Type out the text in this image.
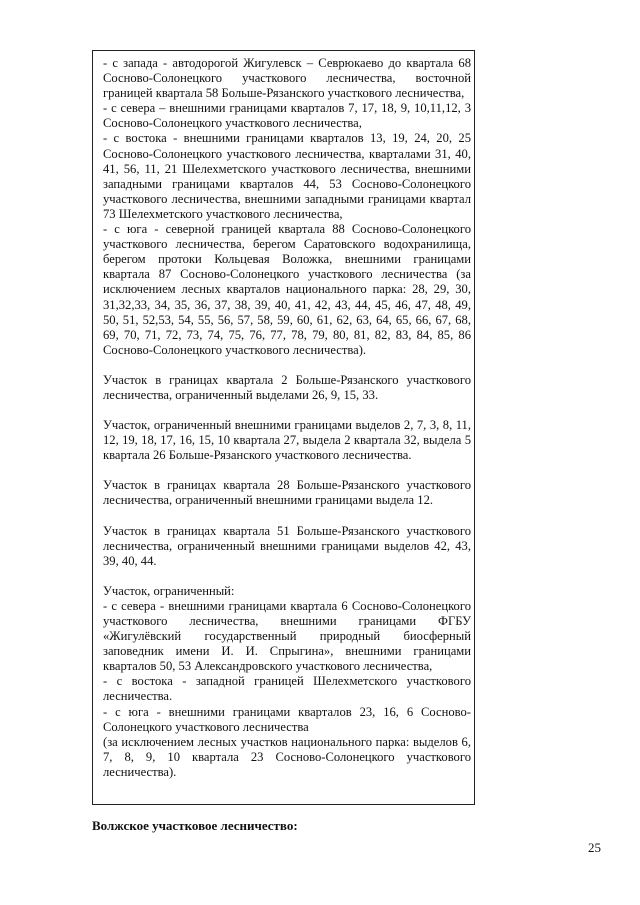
- с запада - автодорогой Жигулевск – Севрюкаево до квартала 68 Сосново-Солонецкого участкового лесничества, восточной границей квартала 58 Больше-Рязанского участкового лесничества,

- с севера – внешними границами кварталов 7, 17, 18, 9, 10,11,12, 3 Сосново-Солонецкого участкового лесничества,

- с востока - внешними границами кварталов 13, 19, 24, 20, 25 Сосново-Солонецкого участкового лесничества, кварталами 31, 40, 41, 56, 11, 21 Шелехметского участкового лесничества, внешними западными границами кварталов 44, 53 Сосново-Солонецкого участкового лесничества, внешними западными границами квартал 73 Шелехметского участкового лесничества,

- с юга - северной границей квартала 88 Сосново-Солонецкого участкового лесничества, берегом Саратовского водохранилища, берегом протоки Кольцевая Воложка, внешними границами квартала 87 Сосново-Солонецкого участкового лесничества (за исключением лесных кварталов национального парка: 28, 29, 30, 31,32,33, 34, 35, 36, 37, 38, 39, 40, 41, 42, 43, 44, 45, 46, 47, 48, 49, 50, 51, 52,53, 54, 55, 56, 57, 58, 59, 60, 61, 62, 63, 64, 65, 66, 67, 68, 69, 70, 71, 72, 73, 74, 75, 76, 77, 78, 79, 80, 81, 82, 83, 84, 85, 86 Сосново-Солонецкого участкового лесничества).

Участок в границах квартала 2 Больше-Рязанского участкового лесничества, ограниченный выделами 26, 9, 15, 33.

Участок, ограниченный внешними границами выделов 2, 7, 3, 8, 11, 12, 19, 18, 17, 16, 15, 10 квартала 27, выдела 2 квартала 32, выдела 5 квартала 26 Больше-Рязанского участкового лесничества.

Участок в границах квартала 28 Больше-Рязанского участкового лесничества, ограниченный внешними границами выдела 12.

Участок в границах квартала 51 Больше-Рязанского участкового лесничества, ограниченный внешними границами выделов 42, 43, 39, 40, 44.

Участок, ограниченный:

- с севера - внешними границами квартала 6 Сосново-Солонецкого участкового лесничества, внешними границами ФГБУ «Жигулёвский государственный природный биосферный заповедник имени И. И. Спрыгина», внешними границами кварталов 50, 53 Александровского участкового лесничества,

- с востока - западной границей Шелехметского участкового лесничества.

- с юга - внешними границами кварталов 23, 16, 6 Сосново-Солонецкого участкового лесничества

(за исключением лесных участков национального парка: выделов 6, 7, 8, 9, 10 квартала 23 Сосново-Солонецкого участкового лесничества).

Волжское участковое лесничество:

25
